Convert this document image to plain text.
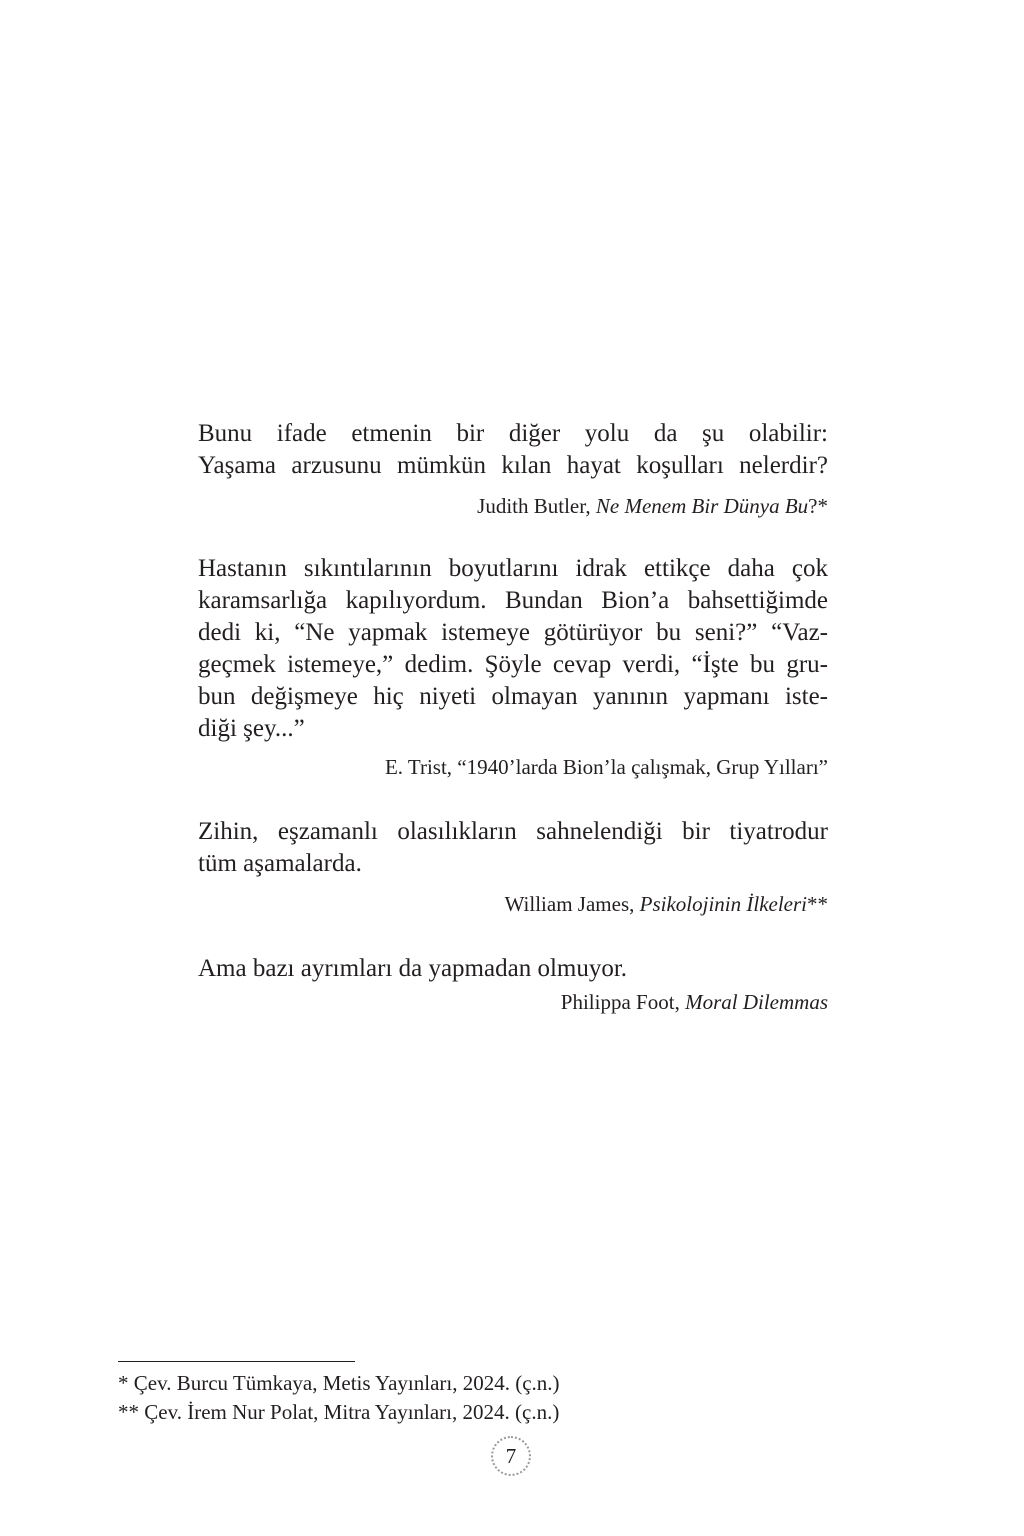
Bunu ifade etmenin bir diğer yolu da şu olabilir:
Yaşama arzusunu mümkün kılan hayat koşulları nelerdir?
Judith Butler, Ne Menem Bir Dünya Bu?*
Hastanın sıkıntılarının boyutlarını idrak ettikçe daha çok
karamsarlığa kapılıyordum. Bundan Bion’a bahsettiğimde
dedi ki, “Ne yapmak istemeye götürüyor bu seni?” “Vaz-
geçmek istemeye,” dedim. Şöyle cevap verdi, “İşte bu gru-
bun değişmeye hiç niyeti olmayan yanının yapmanı iste-
diği şey...”
E. Trist, “1940’larda Bion’la çalışmak, Grup Yılları”
Zihin, eşzamanlı olasılıkların sahnelendiği bir tiyatrodur
tüm aşamalarda.
William James, Psikolojinin İlkeleri**
Ama bazı ayrımları da yapmadan olmuyor.
Philippa Foot, Moral Dilemmas
* Çev. Burcu Tümkaya, Metis Yayınları, 2024. (ç.n.)
** Çev. İrem Nur Polat, Mitra Yayınları, 2024. (ç.n.)
7
